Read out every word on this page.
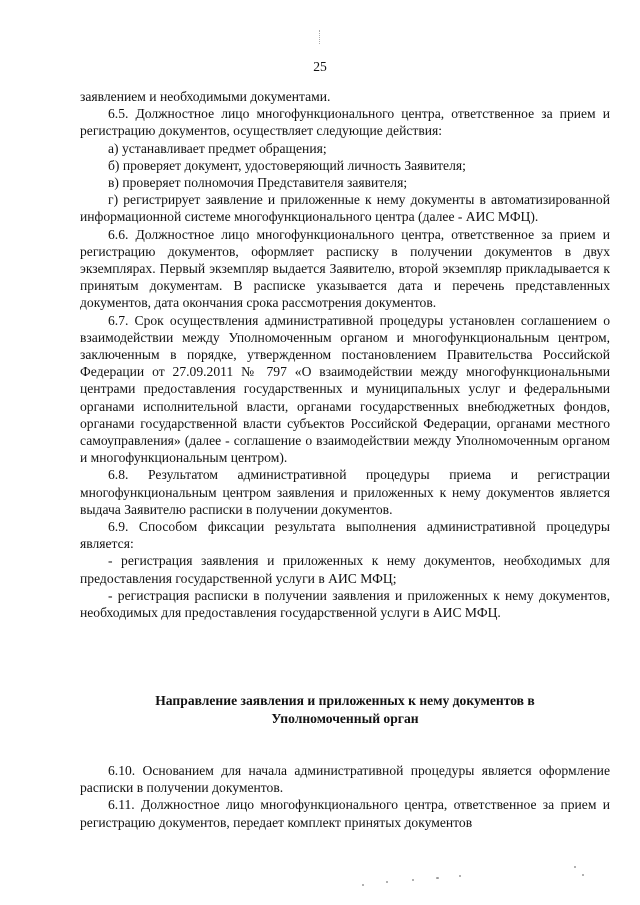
25

заявлением и необходимыми документами.

6.5. Должностное лицо многофункционального центра, ответственное за прием и регистрацию документов, осуществляет следующие действия:

а) устанавливает предмет обращения;

б) проверяет документ, удостоверяющий личность Заявителя;

в) проверяет полномочия Представителя заявителя;

г) регистрирует заявление и приложенные к нему документы в автоматизированной информационной системе многофункционального центра (далее - АИС МФЦ).

6.6. Должностное лицо многофункционального центра, ответственное за прием и регистрацию документов, оформляет расписку в получении документов в двух экземплярах. Первый экземпляр выдается Заявителю, второй экземпляр прикладывается к принятым документам. В расписке указывается дата и перечень представленных документов, дата окончания срока рассмотрения документов.

6.7. Срок осуществления административной процедуры установлен соглашением о взаимодействии между Уполномоченным органом и многофункциональным центром, заключенным в порядке, утвержденном постановлением Правительства Российской Федерации от 27.09.2011 № 797 «О взаимодействии между многофункциональными центрами предоставления государственных и муниципальных услуг и федеральными органами исполнительной власти, органами государственных внебюджетных фондов, органами государственной власти субъектов Российской Федерации, органами местного самоуправления» (далее - соглашение о взаимодействии между Уполномоченным органом и многофункциональным центром).

6.8. Результатом административной процедуры приема и регистрации многофункциональным центром заявления и приложенных к нему документов является выдача Заявителю расписки в получении документов.

6.9. Способом фиксации результата выполнения административной процедуры является:

- регистрация заявления и приложенных к нему документов, необходимых для предоставления государственной услуги в АИС МФЦ;

- регистрация расписки в получении заявления и приложенных к нему документов, необходимых для предоставления государственной услуги в АИС МФЦ.

Направление заявления и приложенных к нему документов в
Уполномоченный орган

6.10. Основанием для начала административной процедуры является оформление расписки в получении документов.

6.11. Должностное лицо многофункционального центра, ответственное за прием и регистрацию документов, передает комплект принятых документов
